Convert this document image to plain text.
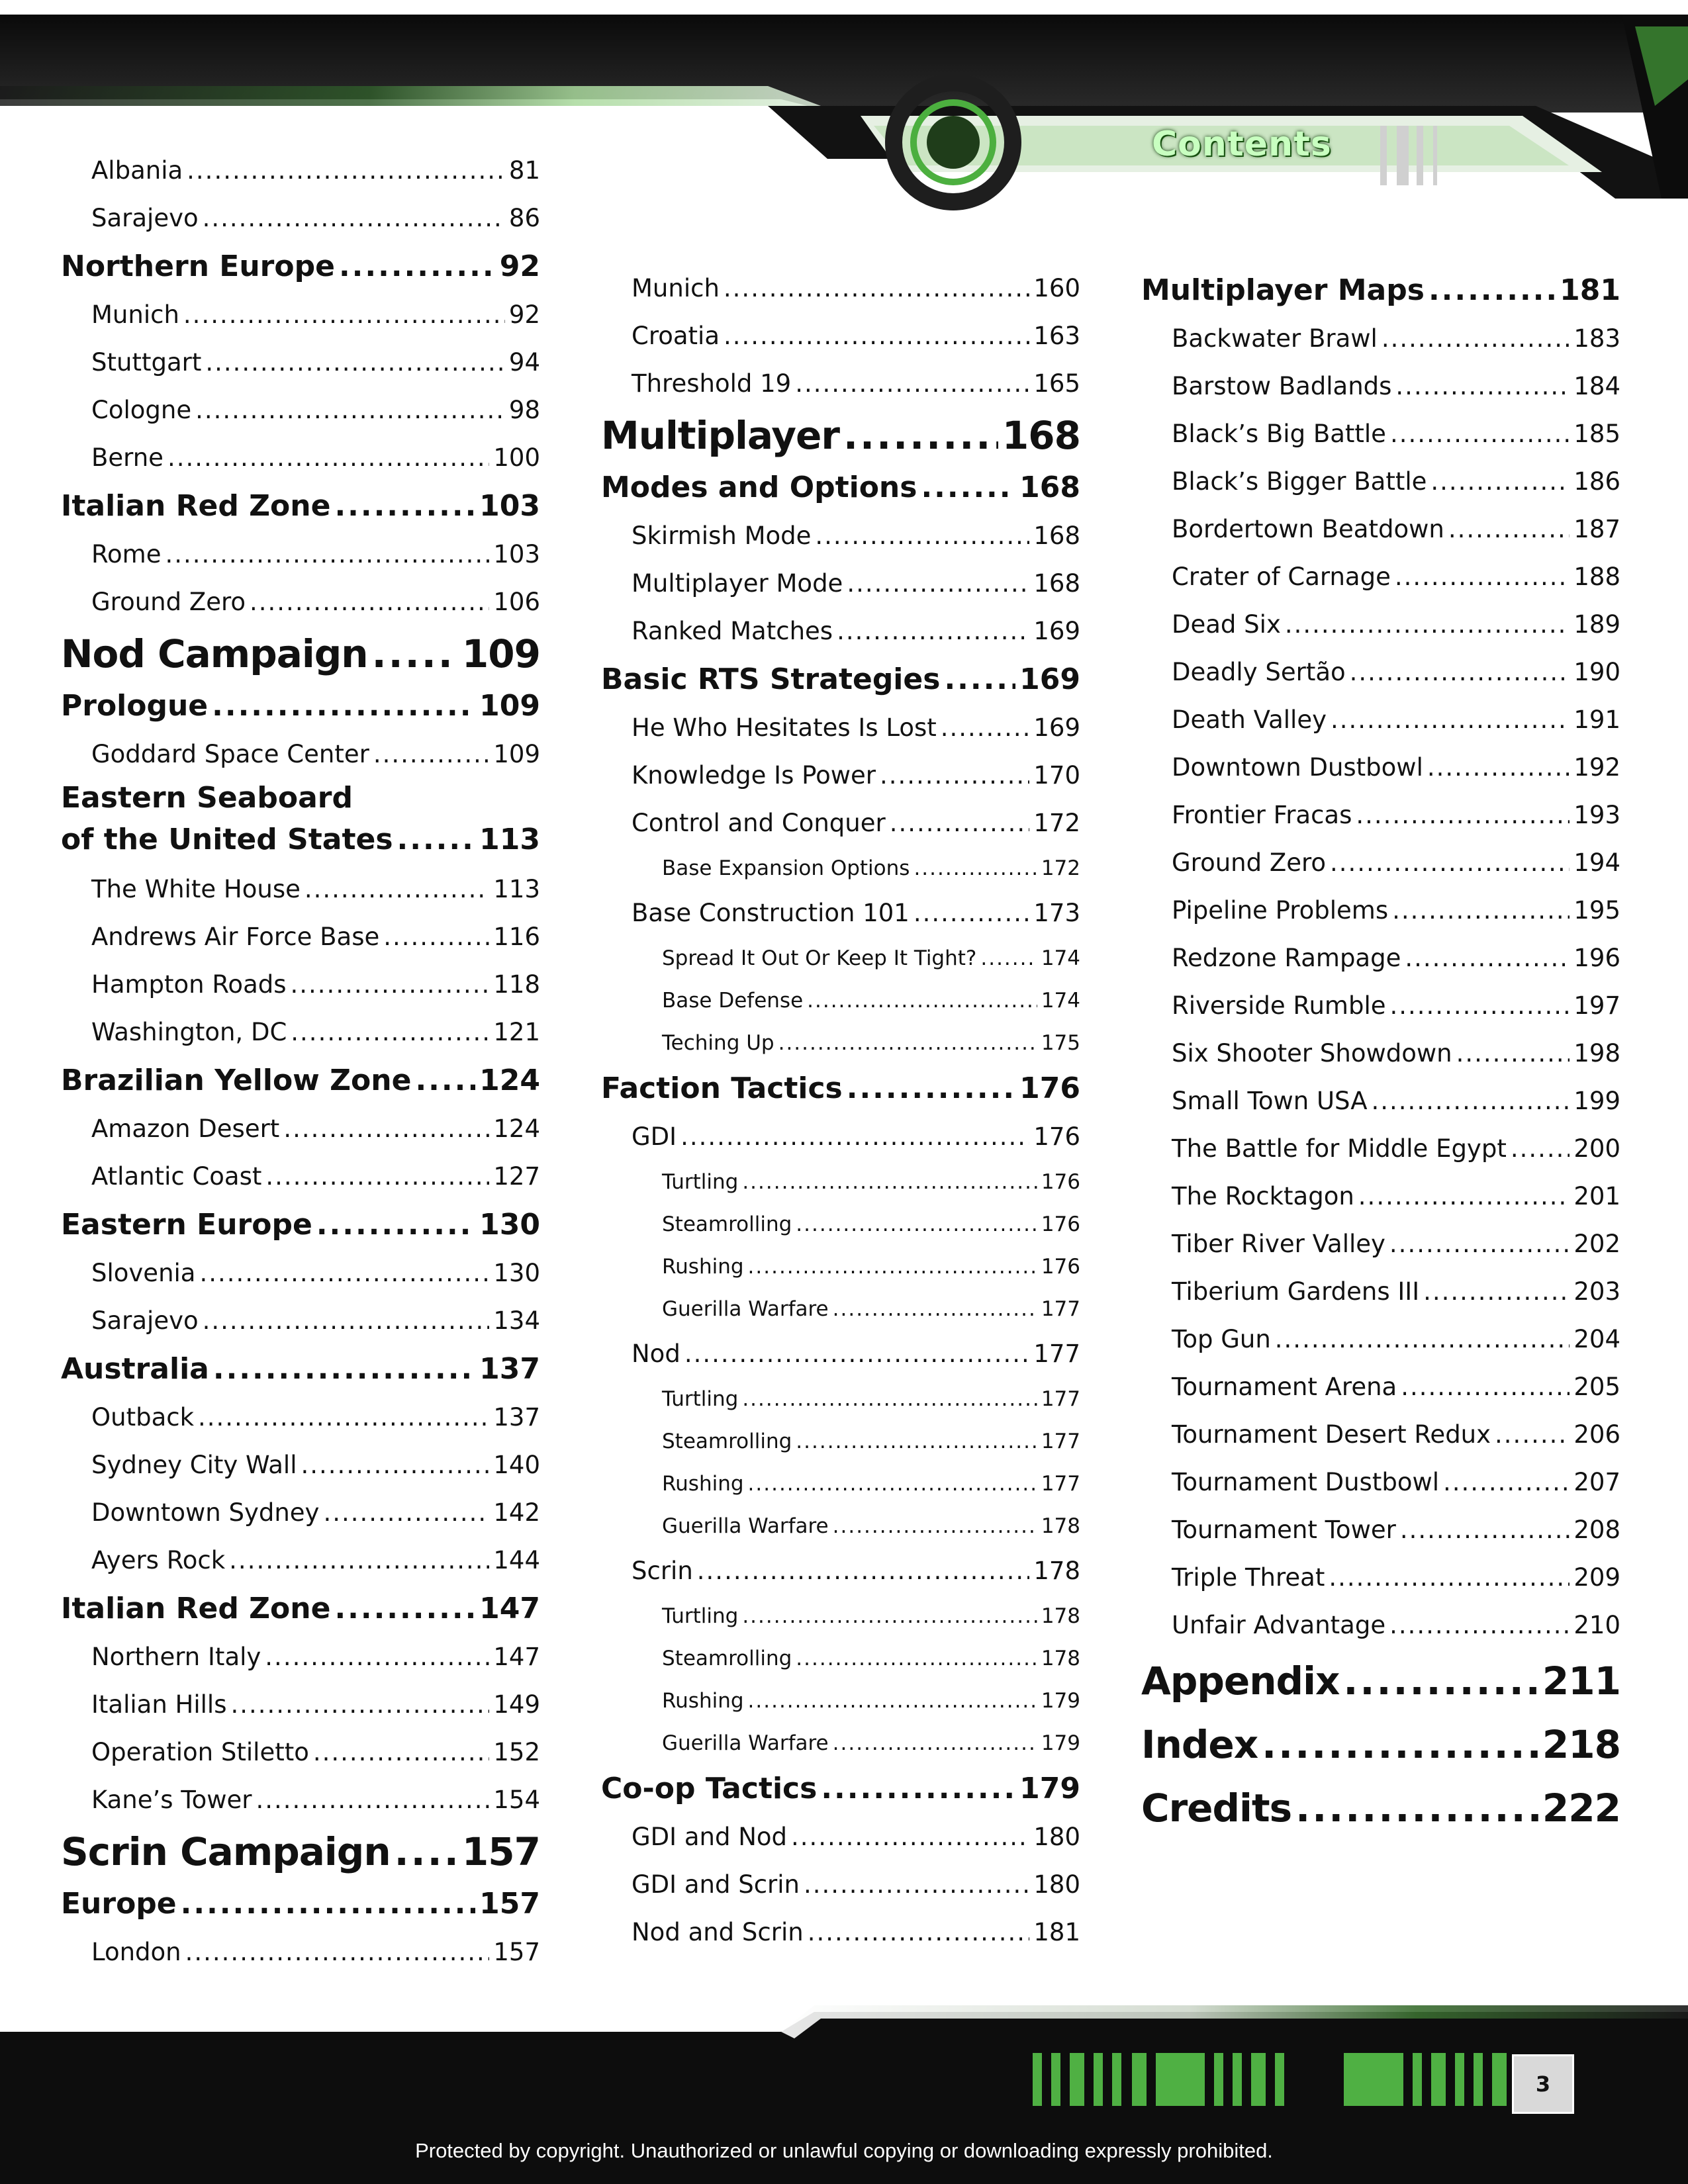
Contents
Albania .....	81
Sarajevo .....	86
Northern Europe .....	92
Munich .....	92
Stuttgart .....	94
Cologne .....	98
Berne .....	100
Italian Red Zone .....	103
Rome .....	103
Ground Zero .....	106
Nod Campaign ..... 109
Prologue .....	109
Goddard Space Center .....	109
Eastern Seaboard
of the United States .....	113
The White House .....	113
Andrews Air Force Base .....	116
Hampton Roads .....	118
Washington, DC .....	121
Brazilian Yellow Zone ..... 124
Amazon Desert .....	124
Atlantic Coast .....	127
Eastern Europe .....	130
Slovenia .....	130
Sarajevo .....	134
Australia .....	137
Outback .....	137
Sydney City Wall .....	140
Downtown Sydney .....	142
Ayers Rock .....	144
Italian Red Zone .....	147
Northern Italy .....	147
Italian Hills .....	149
Operation Stiletto .....	152
Kane’s Tower .....	154
Scrin Campaign ..... 157
Europe .....	157
London .....	157
Munich .....	160
Croatia .....	163
Threshold 19 .....	165
Multiplayer .....	168
Modes and Options .....	168
Skirmish Mode .....	168
Multiplayer Mode .....	168
Ranked Matches .....	169
Basic RTS Strategies .....	169
He Who Hesitates Is Lost .....	169
Knowledge Is Power .....	170
Control and Conquer .....	172
Base Expansion Options .....	172
Base Construction 101 .....	173
Spread It Out Or Keep It Tight? .....	174
Base Defense .....	174
Teching Up .....	175
Faction Tactics .....	176
GDI .....	176
Turtling .....	176
Steamrolling .....	176
Rushing .....	176
Guerilla Warfare .....	177
Nod .....	177
Turtling .....	177
Steamrolling .....	177
Rushing .....	177
Guerilla Warfare .....	178
Scrin .....	178
Turtling .....	178
Steamrolling .....	178
Rushing .....	179
Guerilla Warfare .....	179
Co-op Tactics .....	179
GDI and Nod .....	180
GDI and Scrin .....	180
Nod and Scrin .....	181
Multiplayer Maps .....	181
Backwater Brawl .....	183
Barstow Badlands .....	184
Black’s Big Battle .....	185
Black’s Bigger Battle .....	186
Bordertown Beatdown .....	187
Crater of Carnage .....	188
Dead Six .....	189
Deadly Sertão .....	190
Death Valley .....	191
Downtown Dustbowl .....	192
Frontier Fracas .....	193
Ground Zero .....	194
Pipeline Problems .....	195
Redzone Rampage .....	196
Riverside Rumble .....	197
Six Shooter Showdown .....	198
Small Town USA .....	199
The Battle for Middle Egypt .....	200
The Rocktagon .....	201
Tiber River Valley .....	202
Tiberium Gardens III .....	203
Top Gun .....	204
Tournament Arena .....	205
Tournament Desert Redux .....	206
Tournament Dustbowl .....	207
Tournament Tower .....	208
Triple Threat .....	209
Unfair Advantage .....	210
Appendix .....	211
Index .....	218
Credits .....	222
3
Protected by copyright. Unauthorized or unlawful copying or downloading expressly prohibited.
